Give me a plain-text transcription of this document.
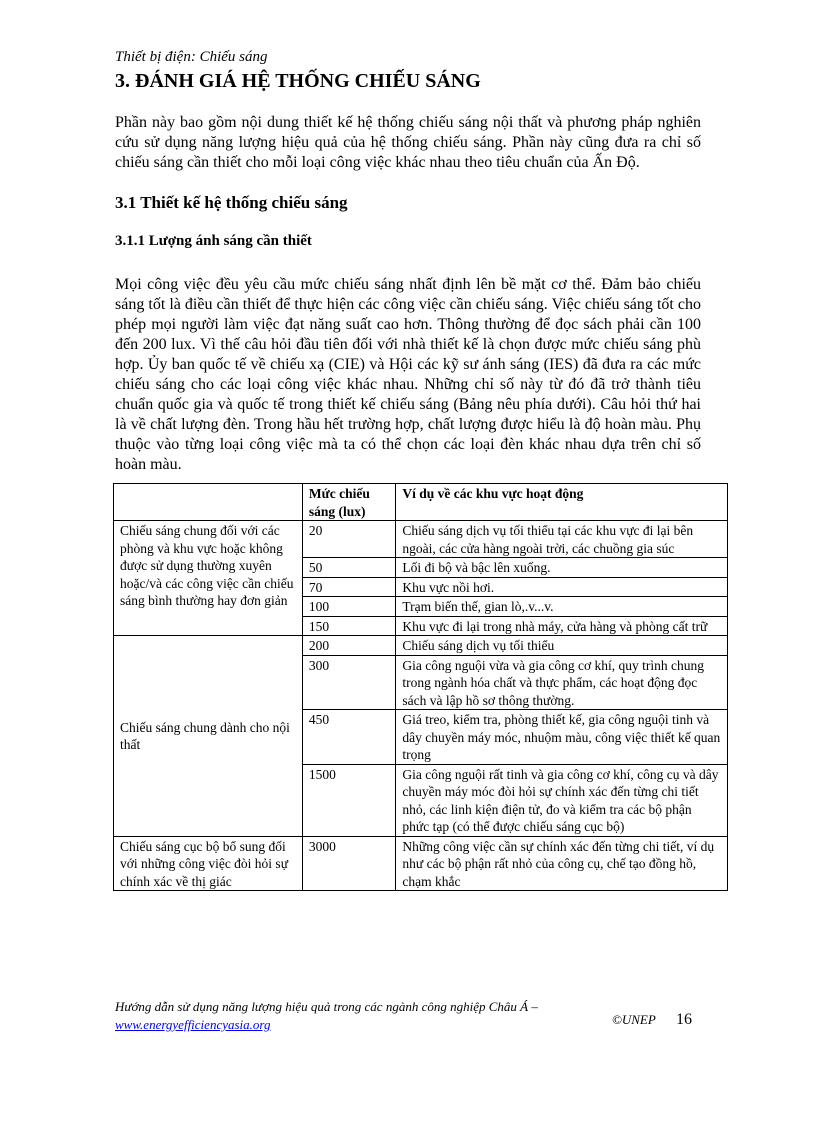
Thiết bị điện: Chiếu sáng
3. ĐÁNH GIÁ HỆ THỐNG CHIẾU SÁNG

Phần này bao gồm nội dung thiết kế hệ thống chiếu sáng nội thất và phương pháp nghiên cứu sử dụng năng lượng hiệu quả của hệ thống chiếu sáng. Phần này cũng đưa ra chỉ số chiếu sáng cần thiết cho mỗi loại công việc khác nhau theo tiêu chuẩn của Ấn Độ.

3.1 Thiết kế hệ thống chiếu sáng
3.1.1 Lượng ánh sáng cần thiết

Mọi công việc đều yêu cầu mức chiếu sáng nhất định lên bề mặt cơ thể. Đảm bảo chiếu sáng tốt là điều cần thiết để thực hiện các công việc cần chiếu sáng. Việc chiếu sáng tốt cho phép mọi người làm việc đạt năng suất cao hơn. Thông thường để đọc sách phải cần 100 đến 200 lux. Vì thế câu hỏi đầu tiên đối với nhà thiết kế là chọn được mức chiếu sáng phù hợp. Ủy ban quốc tế về chiếu xạ (CIE) và Hội các kỹ sư ánh sáng (IES) đã đưa ra các mức chiếu sáng cho các loại công việc khác nhau. Những chỉ số này từ đó đã trở thành tiêu chuẩn quốc gia và quốc tế trong thiết kế chiếu sáng (Bảng nêu phía dưới). Câu hỏi thứ hai là về chất lượng đèn. Trong hầu hết trường hợp, chất lượng được hiểu là độ hoàn màu. Phụ thuộc vào từng loại công việc mà ta có thể chọn các loại đèn khác nhau dựa trên chỉ số hoàn màu.

	Mức chiếu sáng (lux)	Ví dụ về các khu vực hoạt động
Chiếu sáng chung đối với các phòng và khu vực hoặc không được sử dụng thường xuyên hoặc/và các công việc cần chiếu sáng bình thường hay đơn giản	20	Chiếu sáng dịch vụ tối thiểu tại các khu vực đi lại bên ngoài, các cửa hàng ngoài trời, các chuồng gia súc
	50	Lối đi bộ và bậc lên xuống.
	70	Khu vực nồi hơi.
	100	Trạm biến thế, gian lò,.v...v.
	150	Khu vực đi lại trong nhà máy, cửa hàng và phòng cất trữ
Chiếu sáng chung dành cho nội thất	200	Chiếu sáng dịch vụ tối thiểu
	300	Gia công nguội vừa và gia công cơ khí, quy trình chung trong ngành hóa chất và thực phẩm, các hoạt động đọc sách và lập hồ sơ thông thường.
	450	Giá treo, kiểm tra, phòng thiết kế, gia công nguội tinh và dây chuyền máy móc, nhuộm màu, công việc thiết kế quan trọng
	1500	Gia công nguội rất tinh và gia công cơ khí, công cụ và dây chuyền máy móc đòi hỏi sự chính xác đến từng chi tiết nhỏ, các linh kiện điện tử, đo và kiểm tra các bộ phận phức tạp (có thể được chiếu sáng cục bộ)
Chiếu sáng cục bộ bổ sung đối với những công việc đòi hỏi sự chính xác về thị giác	3000	Những công việc cần sự chính xác đến từng chi tiết, ví dụ như các bộ phận rất nhỏ của công cụ, chế tạo đồng hồ, chạm khắc
Hướng dẫn sử dụng năng lượng hiệu quả trong các ngành công nghiệp Châu Á –
www.energyefficiencyasia.org	©UNEP 16
